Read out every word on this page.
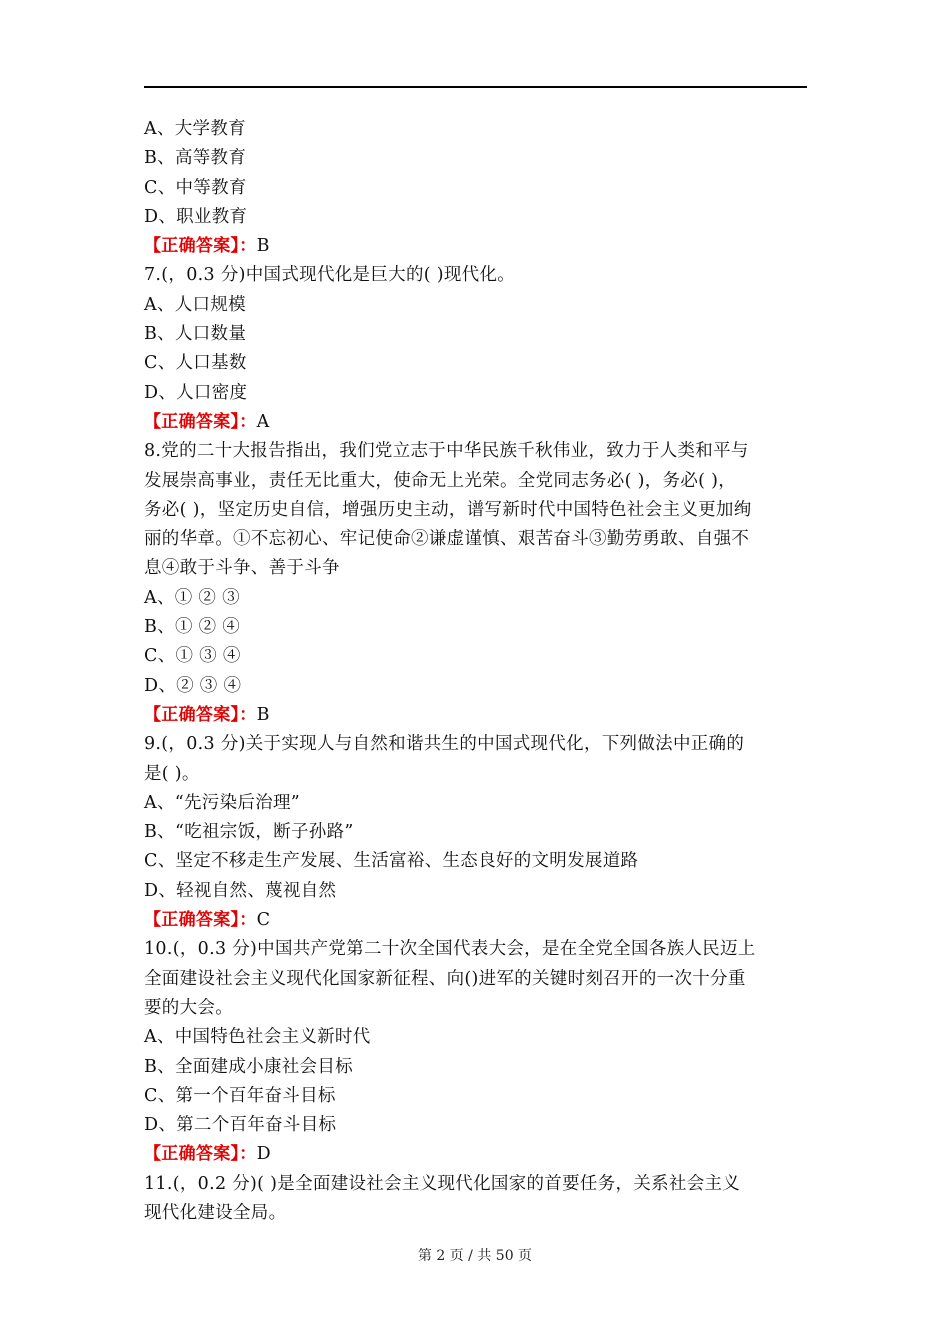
A、大学教育
B、高等教育
C、中等教育
D、职业教育
【正确答案】：B
7.(，0.3 分)中国式现代化是巨大的( )现代化。
A、人口规模
B、人口数量
C、人口基数
D、人口密度
【正确答案】：A
8.党的二十大报告指出，我们党立志于中华民族千秋伟业，致力于人类和平与
发展崇高事业，责任无比重大，使命无上光荣。全党同志务必( )，务必( )，
务必( )，坚定历史自信，增强历史主动，谱写新时代中国特色社会主义更加绚
丽的华章。①不忘初心、牢记使命②谦虚谨慎、艰苦奋斗③勤劳勇敢、自强不
息④敢于斗争、善于斗争
A、① ② ③
B、① ② ④
C、① ③ ④
D、② ③ ④
【正确答案】：B
9.(，0.3 分)关于实现人与自然和谐共生的中国式现代化，下列做法中正确的
是( )。
A、“先污染后治理”
B、“吃祖宗饭，断子孙路”
C、坚定不移走生产发展、生活富裕、生态良好的文明发展道路
D、轻视自然、蔑视自然
【正确答案】：C
10.(，0.3 分)中国共产党第二十次全国代表大会，是在全党全国各族人民迈上
全面建设社会主义现代化国家新征程、向()进军的关键时刻召开的一次十分重
要的大会。
A、中国特色社会主义新时代
B、全面建成小康社会目标
C、第一个百年奋斗目标
D、第二个百年奋斗目标
【正确答案】：D
11.(，0.2 分)( )是全面建设社会主义现代化国家的首要任务，关系社会主义
现代化建设全局。
第 2 页 / 共 50 页
